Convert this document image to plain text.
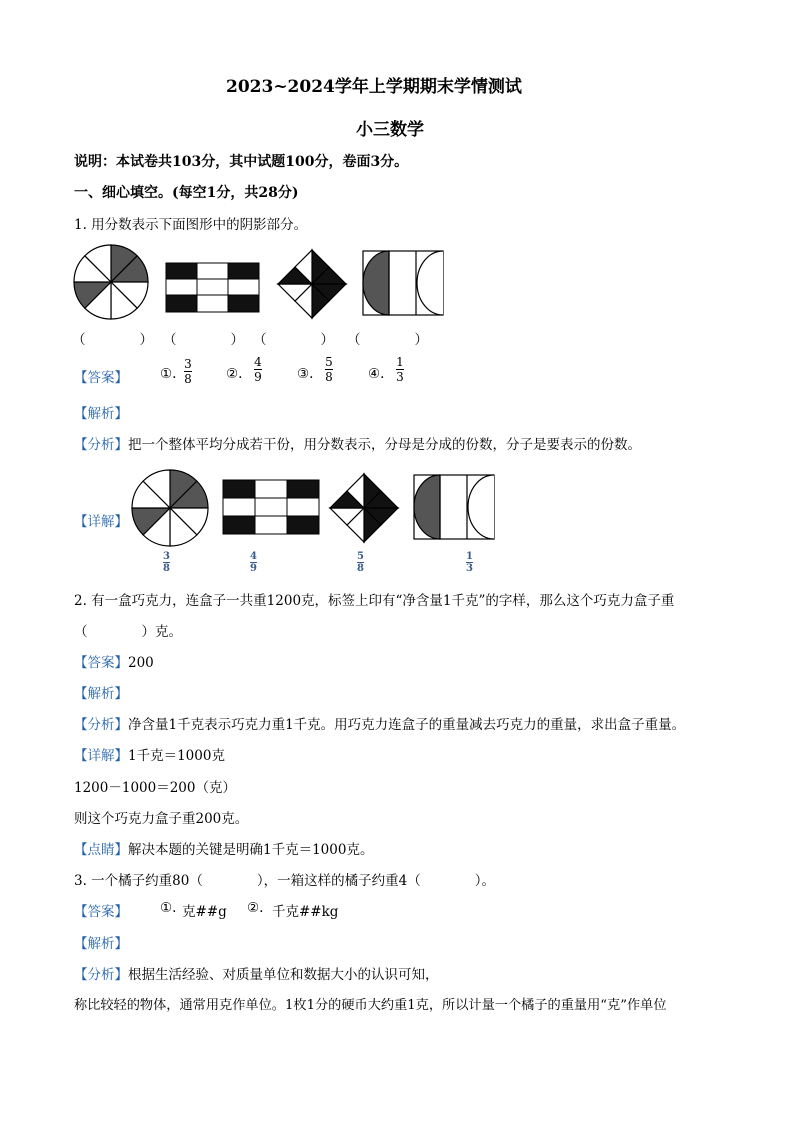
2023~2024学年上学期期末学情测试
小三数学
说明：本试卷共103分，其中试题100分，卷面3分。
一、细心填空。(每空1分，共28分)
1. 用分数表示下面图形中的阴影部分。
（　　　　） （　　　　） （　　　　） （　　　　）
【答案】 ①.
3
8	②.
4
9	③.
5
8	④.
1
3
【解析】
【分析】把一个整体平均分成若干份，用分数表示，分母是分成的份数，分子是要表示的份数。
【详解】
3
8
4
9
5
8
1
3
2. 有一盒巧克力，连盒子一共重1200克，标签上印有“净含量1千克”的字样，那么这个巧克力盒子重
（　　　　）克。
【答案】200
【解析】
【分析】净含量1千克表示巧克力重1千克。用巧克力连盒子的重量减去巧克力的重量，求出盒子重量。
【详解】1千克＝1000克
1200－1000＝200（克）
则这个巧克力盒子重200克。
【点睛】解决本题的关键是明确1千克＝1000克。
3. 一个橘子约重80（　　　　），一箱这样的橘子约重4（　　　　）。
【答案】 ①. 克##g ②. 千克##kg
【解析】
【分析】根据生活经验、对质量单位和数据大小的认识可知，
称比较轻的物体，通常用克作单位。1枚1分的硬币大约重1克，所以计量一个橘子的重量用“克”作单位
